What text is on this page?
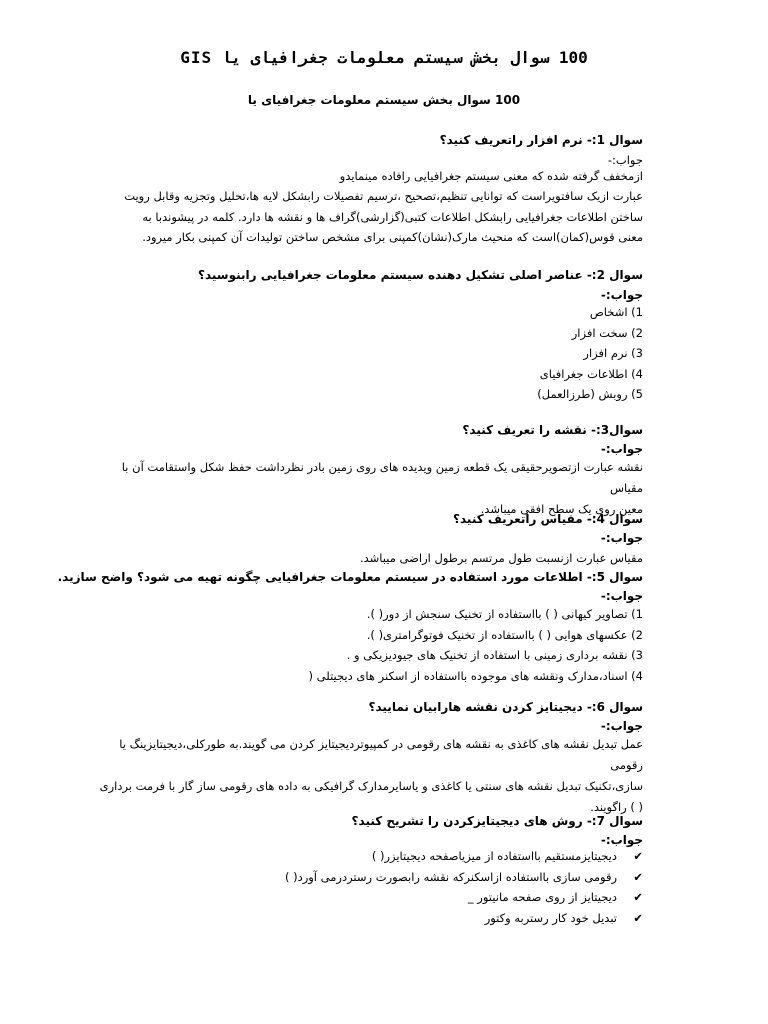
100 سوال بخش سیستم معلومات جغرافیای یا GIS
100 سوال بخش سیستم معلومات جغرافیای یا
سوال 1:- نرم افزار راتعریف کنید؟
جواب:-
ازمخفف گرفته شده که معنی سیستم جغرافیایی رافاده مینمایدو
عبارت ازیک سافتویراست که توانایی تنظیم،تصحیح ،ترسیم تفصیلات رابشکل لایه ها،تحلیل وتجزیه وقابل رویت
ساختن اطلاعات جغرافیایی رابشکل اطلاعات کتبی(گزارشی)گراف ها و نقشه ها دارد. کلمه در پیشوندبا به
معنی قوس(کمان)است که منحیث مارک(نشان)کمپنی برای مشخص ساختن تولیدات آن کمپنی بکار میرود.
سوال 2:- عناصر اصلی تشکیل دهنده سیستم معلومات جغرافیایی رابنوسید؟
جواب:-
1) اشخاص
2) سخت افزار
3) نرم افزار
4) اطلاعات جغرافیای
5) روبش (طرزالعمل)
سوال3:- نقشه را تعریف کنید؟
جواب:-
نقشه عبارت ازتصویرحقیقی یک قطعه زمین ویدیده های روی زمین بادر نظرداشت حفظ شکل واستقامت آن با مقیاس
معین روی یک سطح افقی میباشد.
سوال 4:- مقیاس راتعریف کنید؟
جواب:-
مقیاس عبارت ازنسبت طول مرتسم برطول اراضی میباشد.
سوال 5:- اطلاعات مورد استفاده در سیستم معلومات جغرافیایی چگونه تهیه می شود؟ واضح سازید.
جواب:-
1) تصاویر کیهانی ( ) بااستفاده از تخنیک سنجش از دور( ).
2) عکسهای هوایی ( ) بااستفاده از تخنیک فوتوگرامتری( ).
3) نقشه برداری زمینی با استفاده از تخنیک های جیودیزیکی و .
4) اسناد،مدارک ونقشه های موجوده بااستفاده از اسکنر های دیجیتلی (
سوال 6:- دیجیتایز کردن نقشه هارابیان نمایید؟
جواب:-
عمل تبدیل نقشه های کاغذی به نقشه های رقومی در کمپیوتردیجیتایز کردن می گویند.به طورکلی،دیجیتایزینگ یا رقومی
سازی،تکنیک تبدیل نقشه های سنتی یا کاغذی و یاسایرمدارک گرافیکی به داده های رقومی ساز گار با فرمت برداری
( ) راگویند.
سوال 7:- روش های دیجیتایزکردن را تشریح کنید؟
جواب:-
✔دیجیتایزمستقیم بااستفاده از میزیاصفحه دیجیتایزر( )
✔رقومی سازی بااستفاده ازاسکنرکه نقشه رابصورت رستردرمی آورد( )
✔دیجیتایز از روی صفحه مانیتور _
✔تبدیل خود کار رستربه وکتور
